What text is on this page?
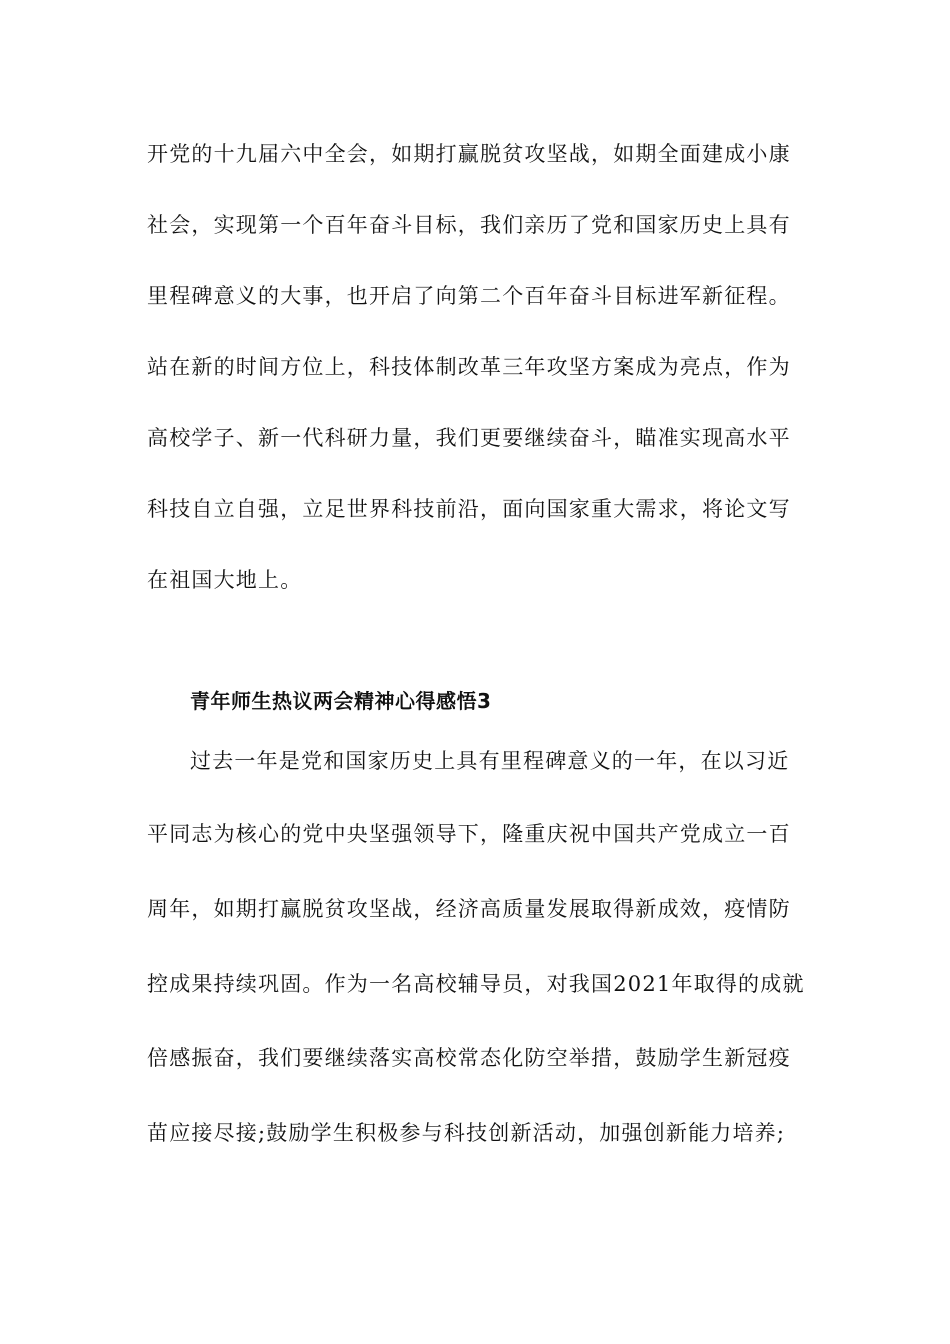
开党的十九届六中全会，如期打赢脱贫攻坚战，如期全面建成小康
社会，实现第一个百年奋斗目标，我们亲历了党和国家历史上具有
里程碑意义的大事，也开启了向第二个百年奋斗目标进军新征程。
站在新的时间方位上，科技体制改革三年攻坚方案成为亮点，作为
高校学子、新一代科研力量，我们更要继续奋斗，瞄准实现高水平
科技自立自强，立足世界科技前沿，面向国家重大需求，将论文写
在祖国大地上。
青年师生热议两会精神心得感悟3
过去一年是党和国家历史上具有里程碑意义的一年，在以习近
平同志为核心的党中央坚强领导下，隆重庆祝中国共产党成立一百
周年，如期打赢脱贫攻坚战，经济高质量发展取得新成效，疫情防
控成果持续巩固。作为一名高校辅导员，对我国2021年取得的成就
倍感振奋，我们要继续落实高校常态化防空举措，鼓励学生新冠疫
苗应接尽接;鼓励学生积极参与科技创新活动，加强创新能力培养;
